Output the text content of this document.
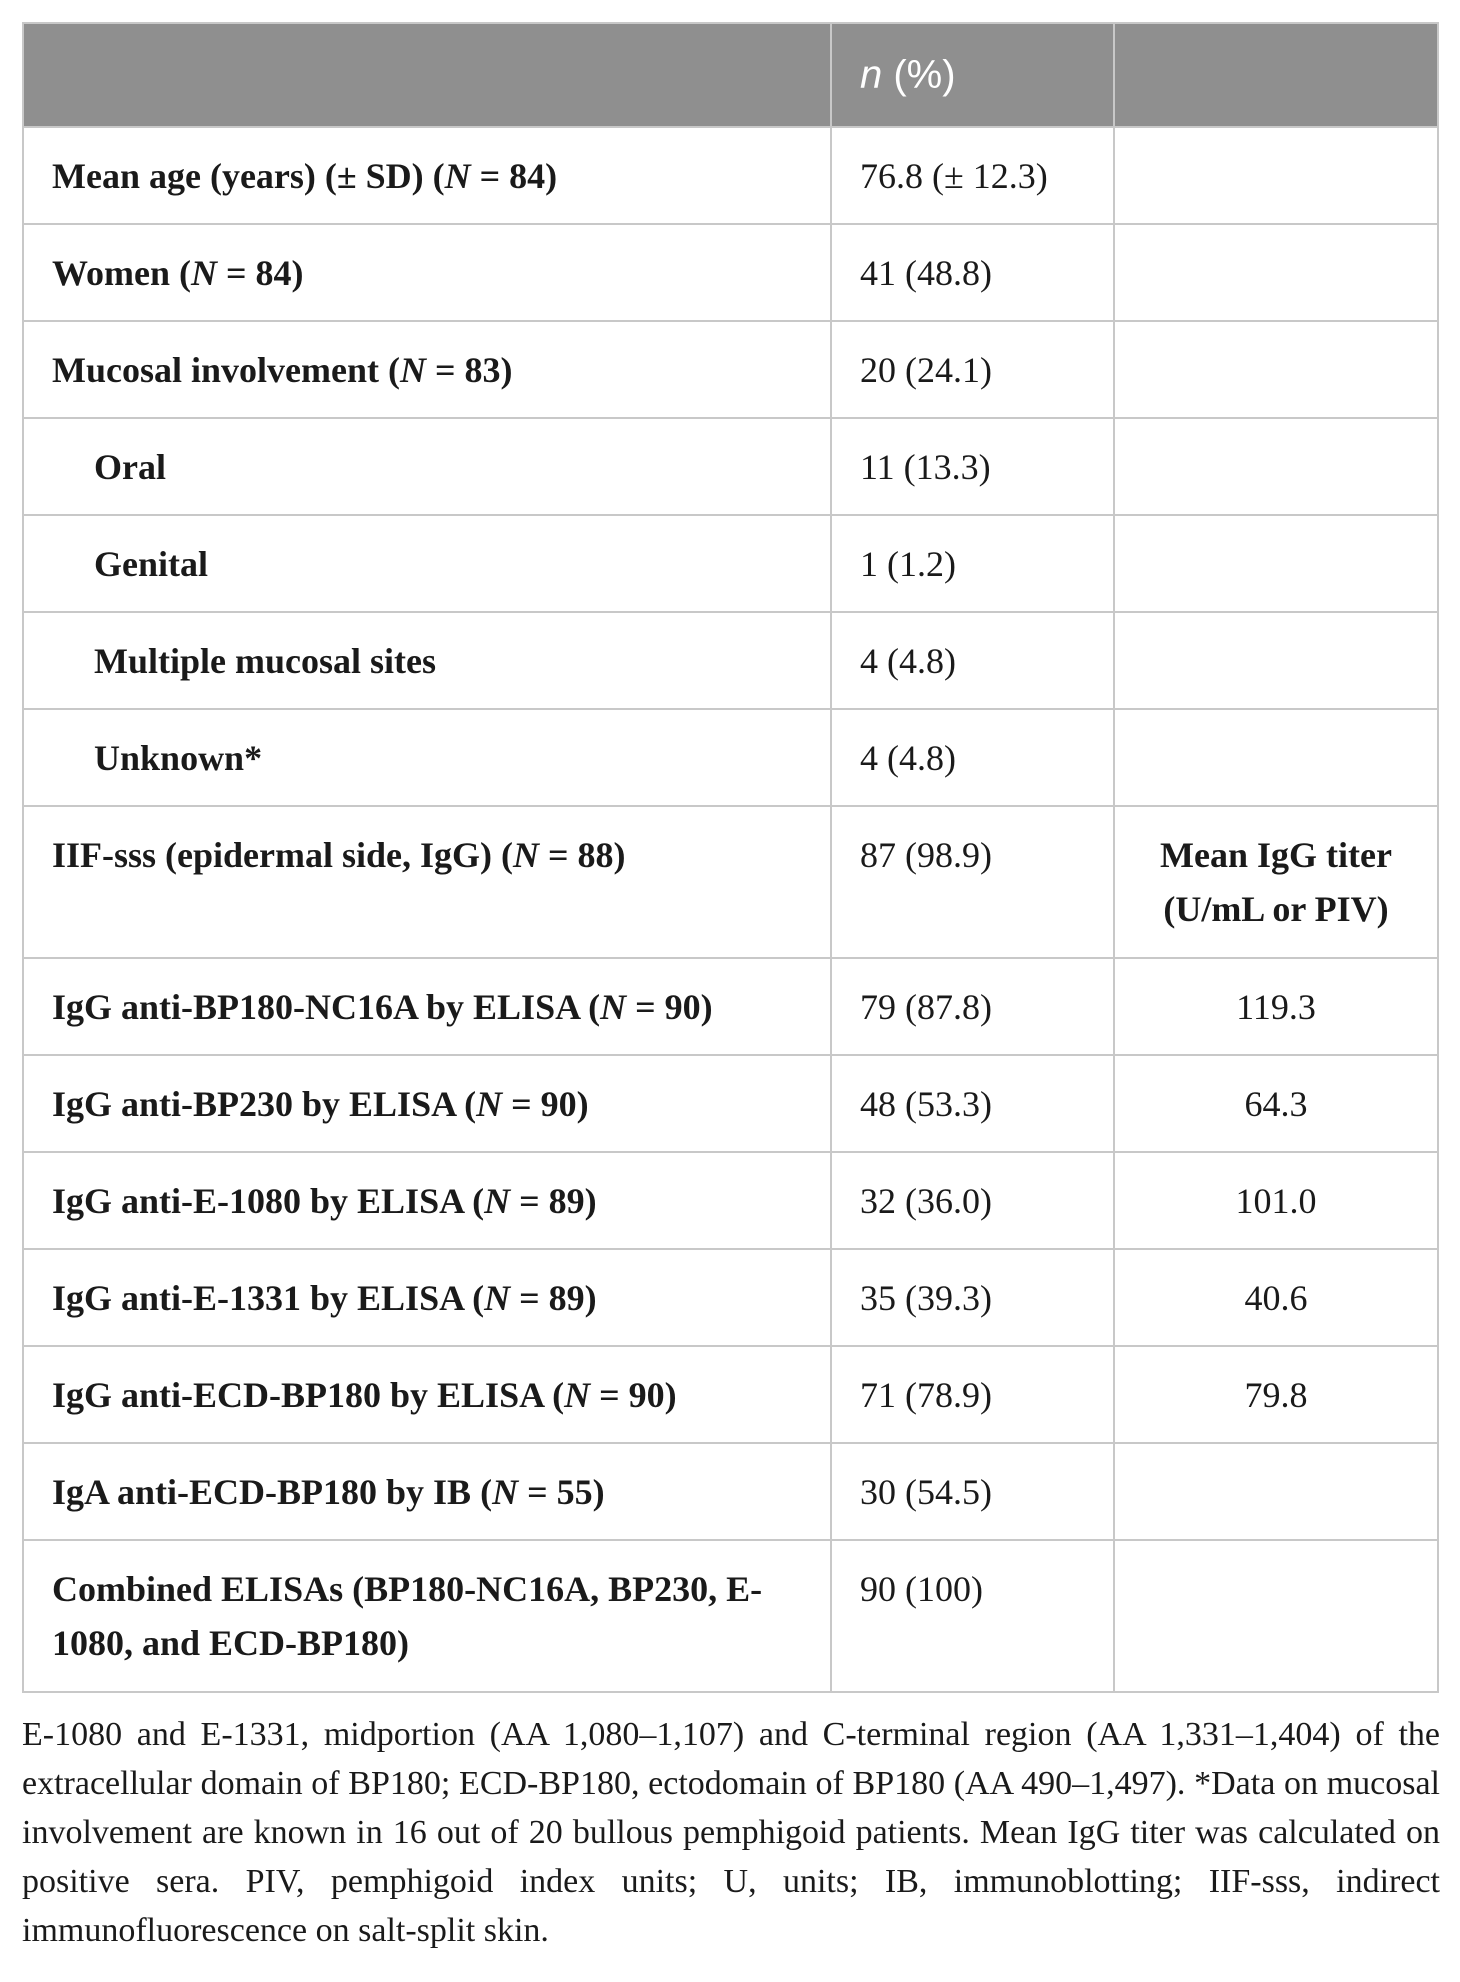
	n (%)	
Mean age (years) (± SD) (N = 84)	76.8 (± 12.3)	
Women (N = 84)	41 (48.8)	
Mucosal involvement (N = 83)	20 (24.1)	
Oral	11 (13.3)	
Genital	1 (1.2)	
Multiple mucosal sites	4 (4.8)	
Unknown*	4 (4.8)	
IIF-sss (epidermal side, IgG) (N = 88)	87 (98.9)	Mean IgG titer (U/mL or PIV)
IgG anti-BP180-NC16A by ELISA (N = 90)	79 (87.8)	119.3
IgG anti-BP230 by ELISA (N = 90)	48 (53.3)	64.3
IgG anti-E-1080 by ELISA (N = 89)	32 (36.0)	101.0
IgG anti-E-1331 by ELISA (N = 89)	35 (39.3)	40.6
IgG anti-ECD-BP180 by ELISA (N = 90)	71 (78.9)	79.8
IgA anti-ECD-BP180 by IB (N = 55)	30 (54.5)	
Combined ELISAs (BP180-NC16A, BP230, E-1080, and ECD-BP180)	90 (100)	
E-1080 and E-1331, midportion (AA 1,080–1,107) and C-terminal region (AA 1,331–1,404) of the extracellular domain of BP180; ECD-BP180, ectodomain of BP180 (AA 490–1,497). *Data on mucosal involvement are known in 16 out of 20 bullous pemphigoid patients. Mean IgG titer was calculated on positive sera. PIV, pemphigoid index units; U, units; IB, immunoblotting; IIF-sss, indirect immunofluorescence on salt-split skin.
